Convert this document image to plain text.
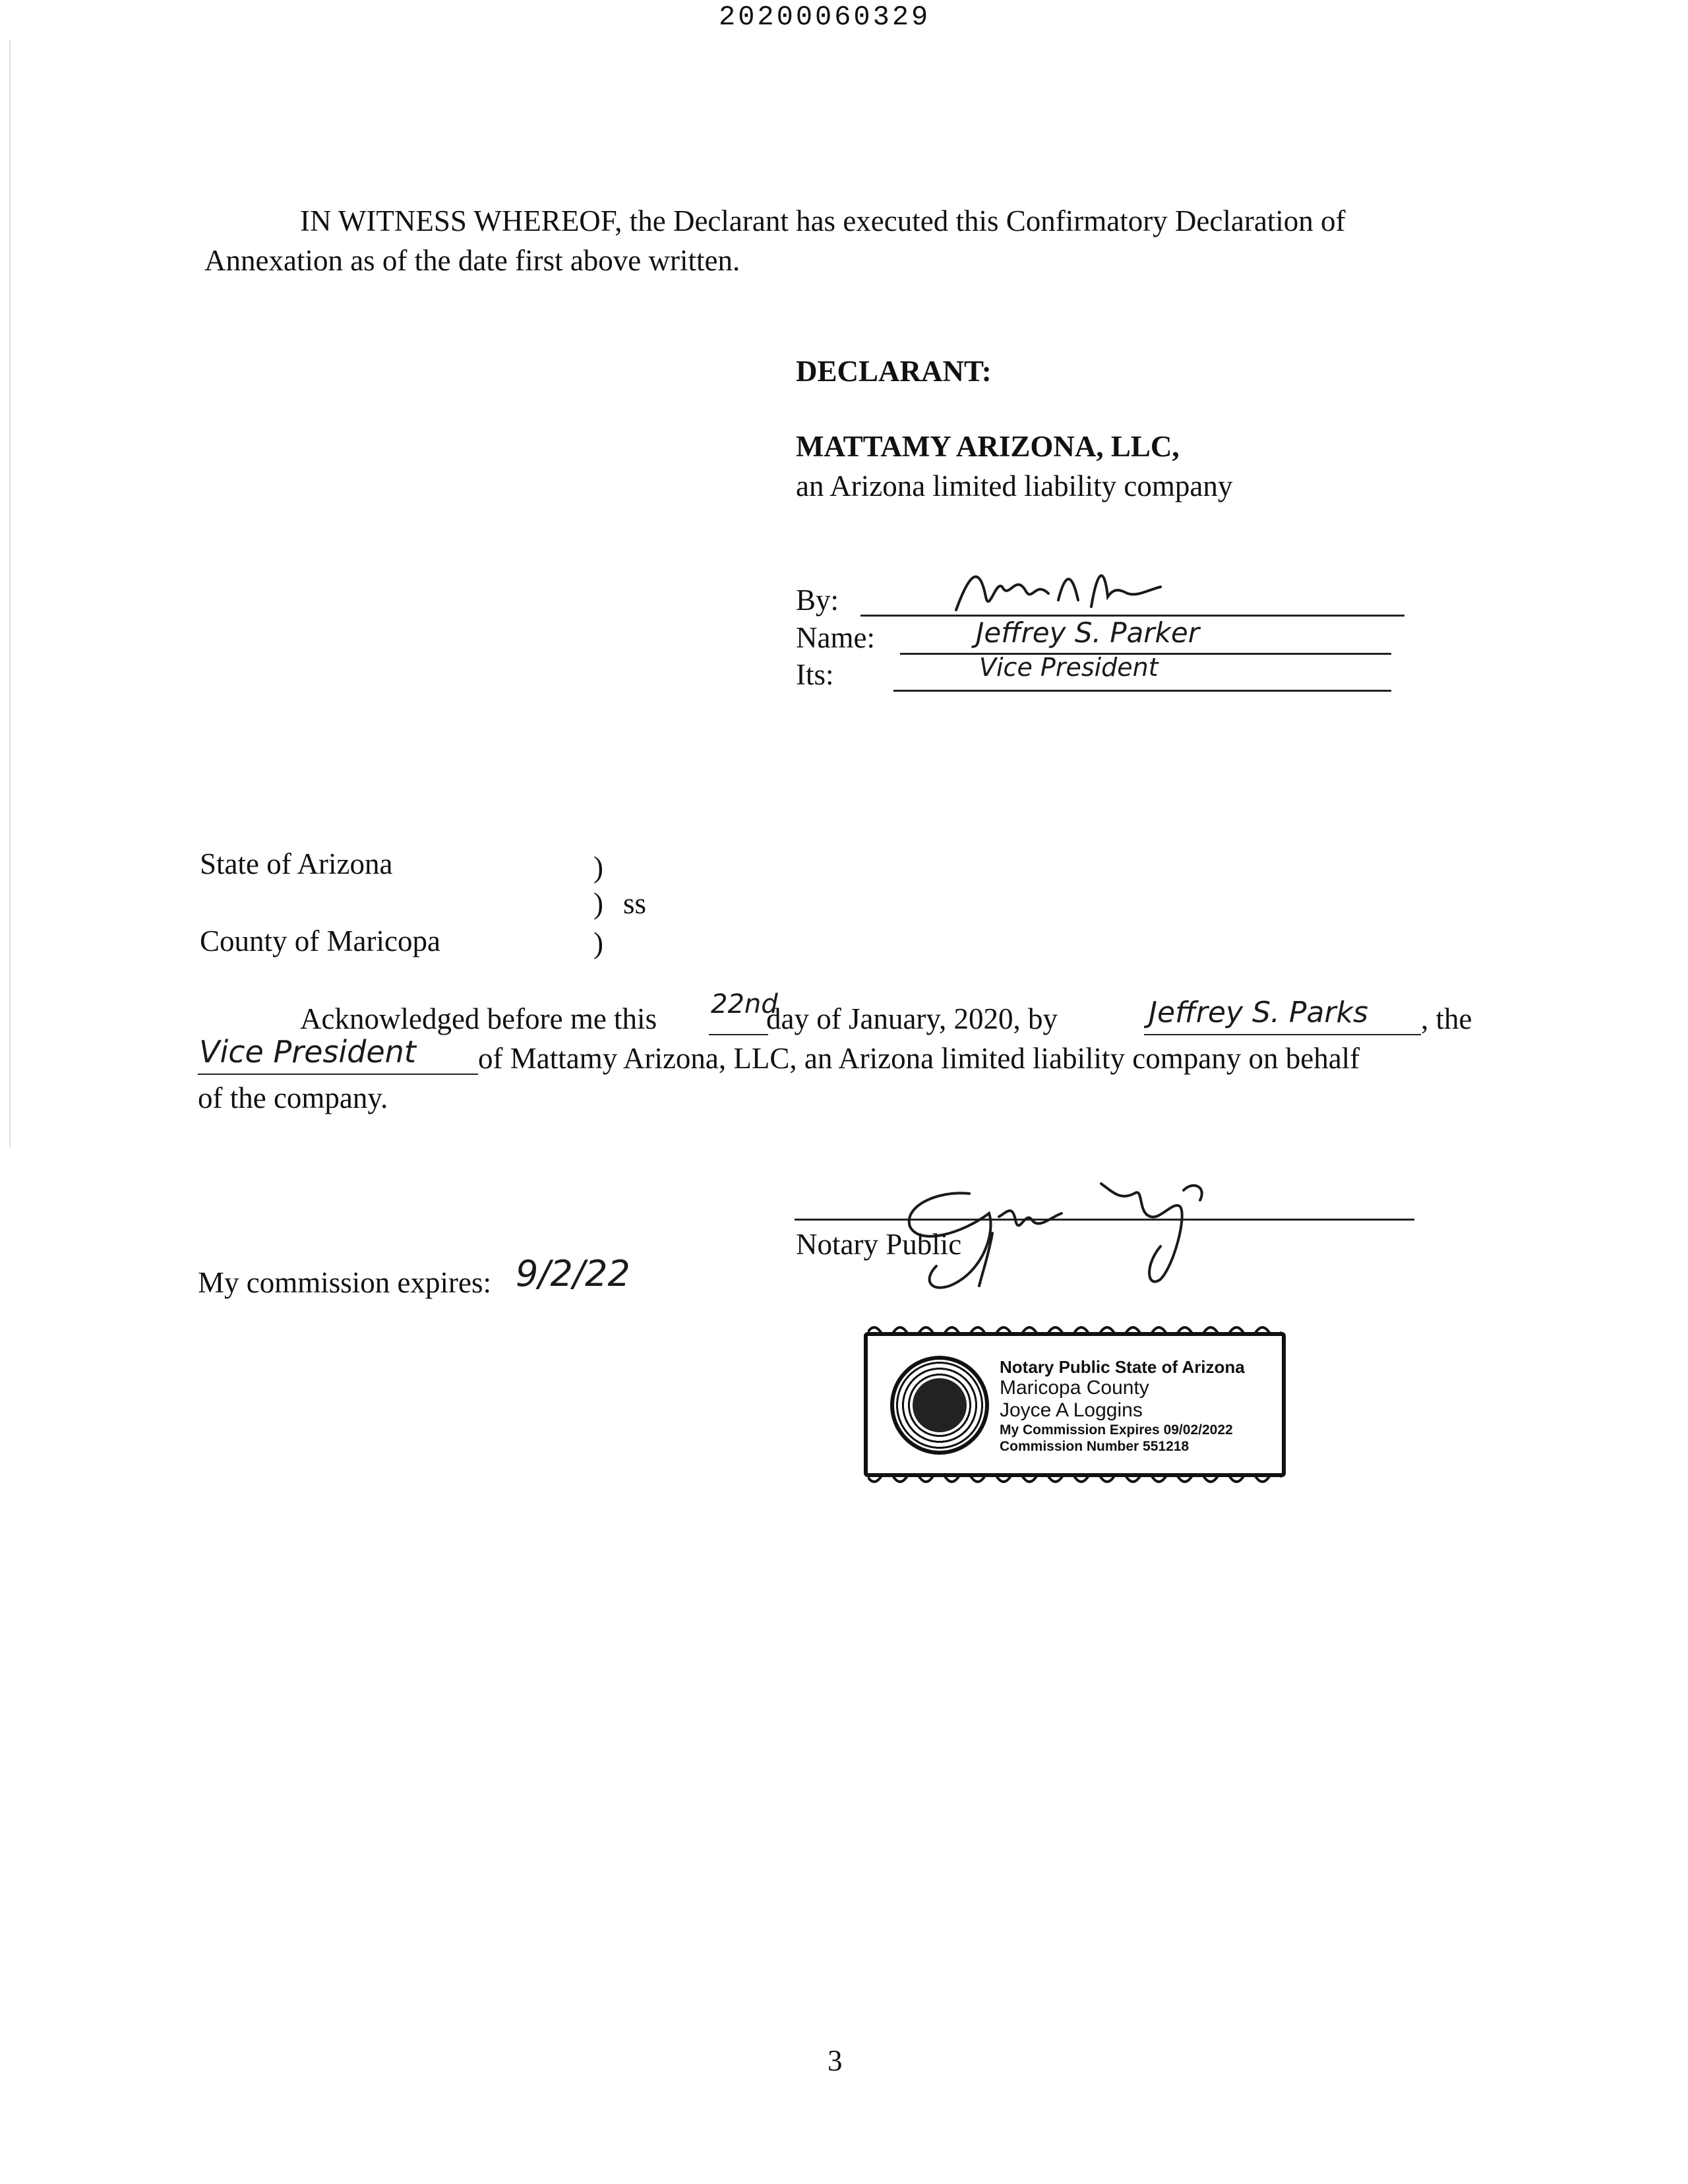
20200060329
IN WITNESS WHEREOF, the Declarant has executed this Confirmatory Declaration of
Annexation as of the date first above written.
DECLARANT:
MATTAMY ARIZONA, LLC,
an Arizona limited liability company
By:
Name:	Jeffrey S. Parker
Its:	Vice President
State of Arizona	)
) ss
County of Maricopa	)
Acknowledged before me this 22nd
day of January, 2020, by	Jeffrey S. Parks , the
Vice President of Mattamy Arizona, LLC, an Arizona limited liability company on behalf
of the company.
Notary Public
My commission expires: 9/2/22
Notary Public State of Arizona
Maricopa County
Joyce A Loggins
My Commission Expires 09/02/2022
Commission Number 551218
3
